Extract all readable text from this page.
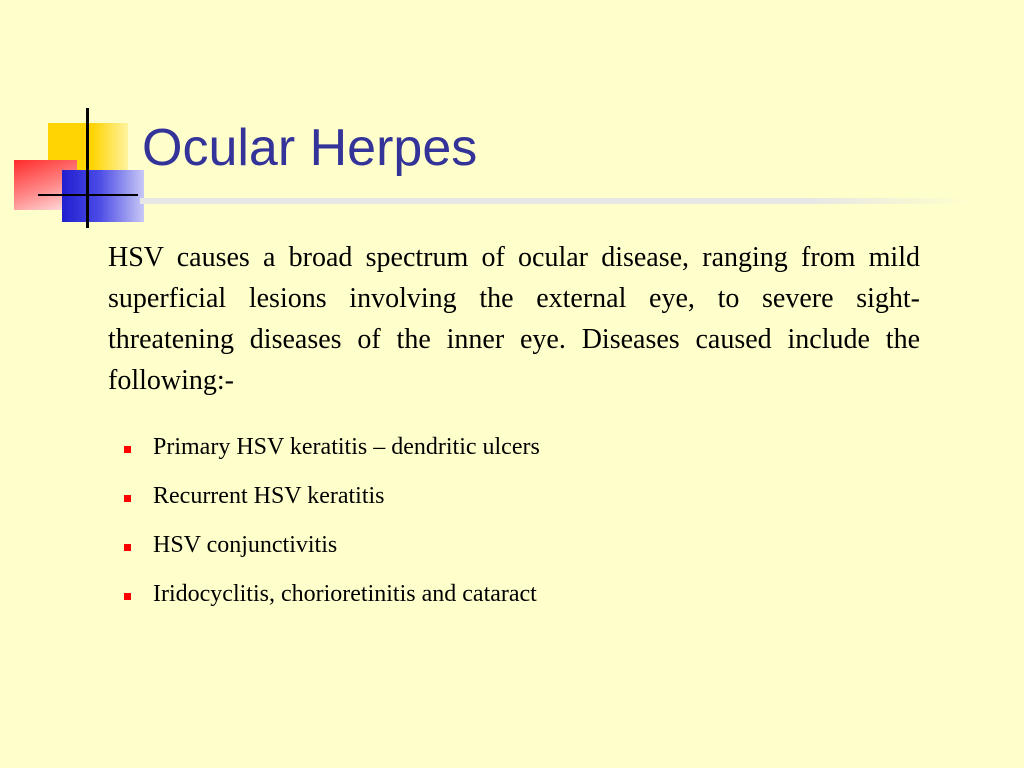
Ocular Herpes

HSV causes a broad spectrum of ocular disease, ranging from mild superficial lesions involving the external eye, to severe sight-threatening diseases of the inner eye. Diseases caused include the following:-

Primary HSV keratitis – dendritic ulcers
Recurrent HSV keratitis
HSV conjunctivitis
Iridocyclitis, chorioretinitis and cataract
